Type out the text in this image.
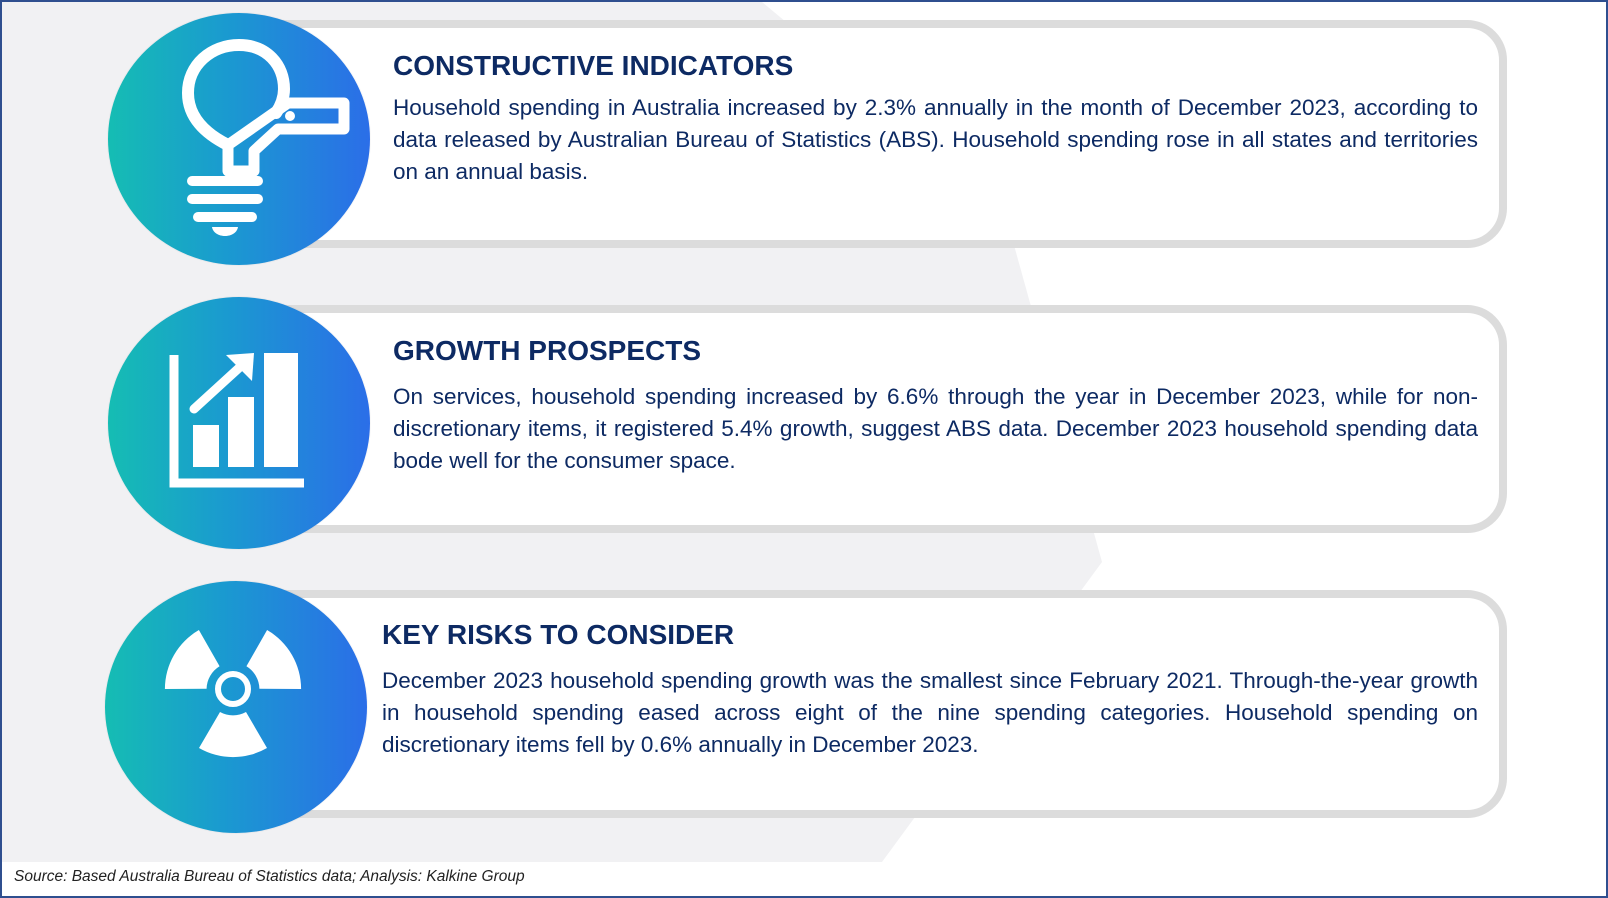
CONSTRUCTIVE INDICATORS

Household spending in Australia increased by 2.3% annually in the month of December 2023, according to data released by Australian Bureau of Statistics (ABS). Household spending rose in all states and territories on an annual basis.

GROWTH PROSPECTS

On services, household spending increased by 6.6% through the year in December 2023, while for non-discretionary items, it registered 5.4% growth, suggest ABS data. December 2023 household spending data bode well for the consumer space.

KEY RISKS TO CONSIDER

December 2023 household spending growth was the smallest since February 2021. Through-the-year growth in household spending eased across eight of the nine spending categories. Household spending on discretionary items fell by 0.6% annually in December 2023.

Source: Based Australia Bureau of Statistics data; Analysis: Kalkine Group
